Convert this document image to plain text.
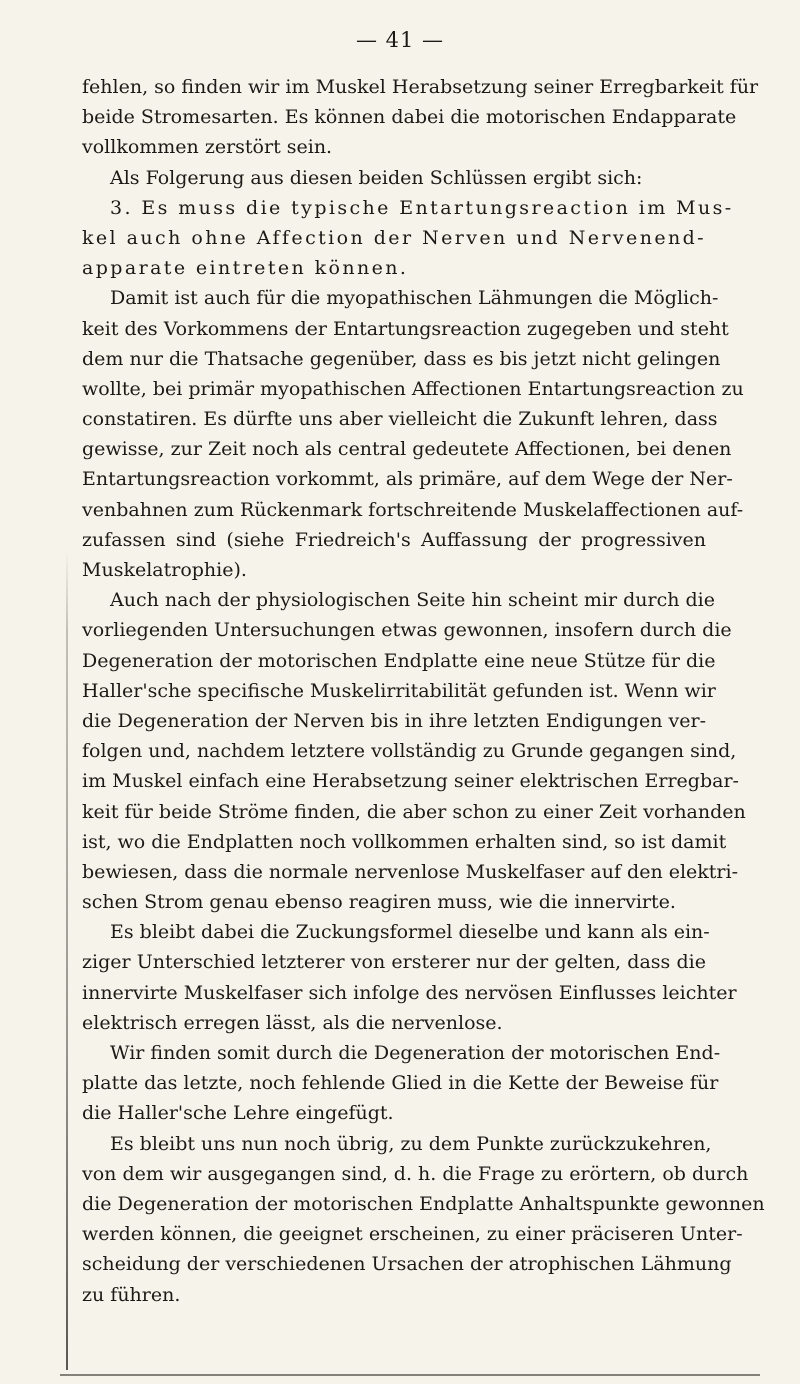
— 41 —
fehlen, so finden wir im Muskel Herabsetzung seiner Erregbarkeit für
beide Stromesarten. Es können dabei die motorischen Endapparate
vollkommen zerstört sein.
Als Folgerung aus diesen beiden Schlüssen ergibt sich:
3. Es muss die typische Entartungsreaction im Mus-
kel auch ohne Affection der Nerven und Nervenend-
apparate eintreten können.
Damit ist auch für die myopathischen Lähmungen die Möglich-
keit des Vorkommens der Entartungsreaction zugegeben und steht
dem nur die Thatsache gegenüber, dass es bis jetzt nicht gelingen
wollte, bei primär myopathischen Affectionen Entartungsreaction zu
constatiren. Es dürfte uns aber vielleicht die Zukunft lehren, dass
gewisse, zur Zeit noch als central gedeutete Affectionen, bei denen
Entartungsreaction vorkommt, als primäre, auf dem Wege der Ner-
venbahnen zum Rückenmark fortschreitende Muskelaffectionen auf-
zufassen sind (siehe Friedreich's Auffassung der progressiven
Muskelatrophie).
Auch nach der physiologischen Seite hin scheint mir durch die
vorliegenden Untersuchungen etwas gewonnen, insofern durch die
Degeneration der motorischen Endplatte eine neue Stütze für die
Haller'sche specifische Muskelirritabilität gefunden ist. Wenn wir
die Degeneration der Nerven bis in ihre letzten Endigungen ver-
folgen und, nachdem letztere vollständig zu Grunde gegangen sind,
im Muskel einfach eine Herabsetzung seiner elektrischen Erregbar-
keit für beide Ströme finden, die aber schon zu einer Zeit vorhanden
ist, wo die Endplatten noch vollkommen erhalten sind, so ist damit
bewiesen, dass die normale nervenlose Muskelfaser auf den elektri-
schen Strom genau ebenso reagiren muss, wie die innervirte.
Es bleibt dabei die Zuckungsformel dieselbe und kann als ein-
ziger Unterschied letzterer von ersterer nur der gelten, dass die
innervirte Muskelfaser sich infolge des nervösen Einflusses leichter
elektrisch erregen lässt, als die nervenlose.
Wir finden somit durch die Degeneration der motorischen End-
platte das letzte, noch fehlende Glied in die Kette der Beweise für
die Haller'sche Lehre eingefügt.
Es bleibt uns nun noch übrig, zu dem Punkte zurückzukehren,
von dem wir ausgegangen sind, d. h. die Frage zu erörtern, ob durch
die Degeneration der motorischen Endplatte Anhaltspunkte gewonnen
werden können, die geeignet erscheinen, zu einer präciseren Unter-
scheidung der verschiedenen Ursachen der atrophischen Lähmung
zu führen.
